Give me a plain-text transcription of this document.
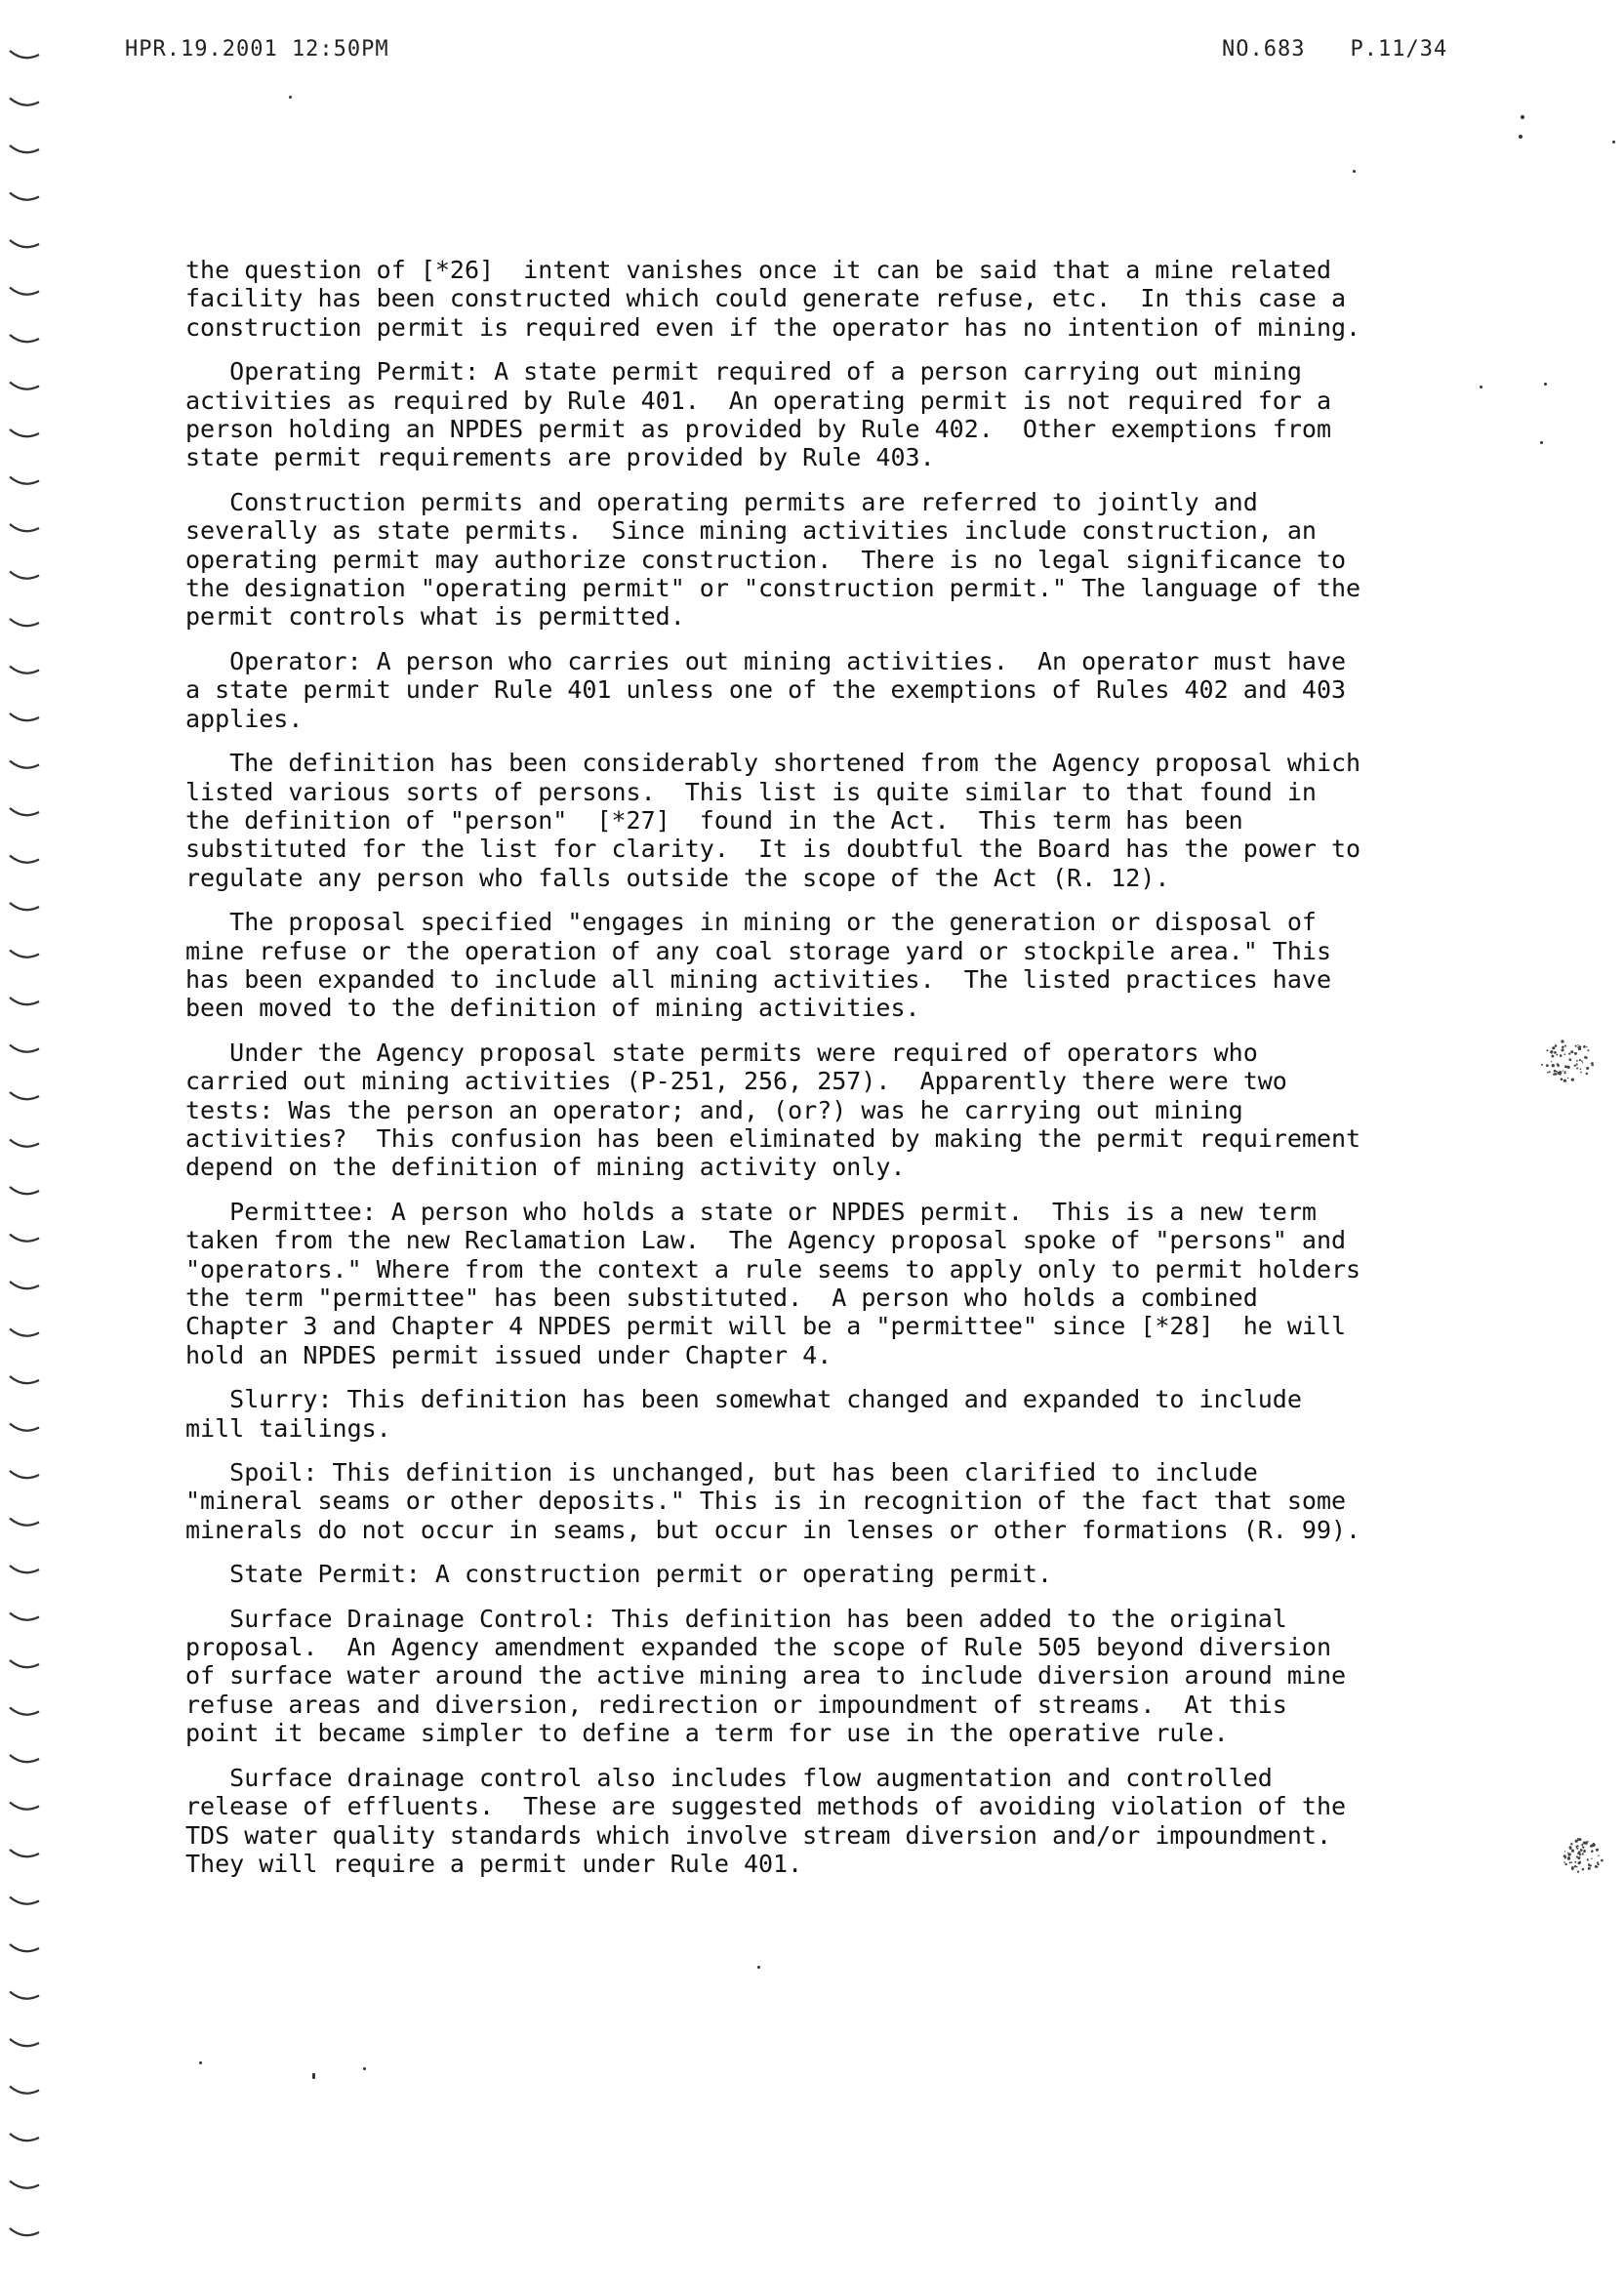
HPR.19.2001 12:50PM	NO.683 P.11/34
the question of [*26]  intent vanishes once it can be said that a mine related
facility has been constructed which could generate refuse, etc.  In this case a
construction permit is required even if the operator has no intention of mining.
Operating Permit: A state permit required of a person carrying out mining
activities as required by Rule 401.  An operating permit is not required for a
person holding an NPDES permit as provided by Rule 402.  Other exemptions from
state permit requirements are provided by Rule 403.
Construction permits and operating permits are referred to jointly and
severally as state permits.  Since mining activities include construction, an
operating permit may authorize construction.  There is no legal significance to
the designation "operating permit" or "construction permit." The language of the
permit controls what is permitted.
Operator: A person who carries out mining activities.  An operator must have
a state permit under Rule 401 unless one of the exemptions of Rules 402 and 403
applies.
The definition has been considerably shortened from the Agency proposal which
listed various sorts of persons.  This list is quite similar to that found in
the definition of "person"  [*27]  found in the Act.  This term has been
substituted for the list for clarity.  It is doubtful the Board has the power to
regulate any person who falls outside the scope of the Act (R. 12).
The proposal specified "engages in mining or the generation or disposal of
mine refuse or the operation of any coal storage yard or stockpile area." This
has been expanded to include all mining activities.  The listed practices have
been moved to the definition of mining activities.
Under the Agency proposal state permits were required of operators who
carried out mining activities (P-251, 256, 257).  Apparently there were two
tests: Was the person an operator; and, (or?) was he carrying out mining
activities?  This confusion has been eliminated by making the permit requirement
depend on the definition of mining activity only.
Permittee: A person who holds a state or NPDES permit.  This is a new term
taken from the new Reclamation Law.  The Agency proposal spoke of "persons" and
"operators." Where from the context a rule seems to apply only to permit holders
the term "permittee" has been substituted.  A person who holds a combined
Chapter 3 and Chapter 4 NPDES permit will be a "permittee" since [*28]  he will
hold an NPDES permit issued under Chapter 4.
Slurry: This definition has been somewhat changed and expanded to include
mill tailings.
Spoil: This definition is unchanged, but has been clarified to include
"mineral seams or other deposits." This is in recognition of the fact that some
minerals do not occur in seams, but occur in lenses or other formations (R. 99).
State Permit: A construction permit or operating permit.
Surface Drainage Control: This definition has been added to the original
proposal.  An Agency amendment expanded the scope of Rule 505 beyond diversion
of surface water around the active mining area to include diversion around mine
refuse areas and diversion, redirection or impoundment of streams.  At this
point it became simpler to define a term for use in the operative rule.
Surface drainage control also includes flow augmentation and controlled
release of effluents.  These are suggested methods of avoiding violation of the
TDS water quality standards which involve stream diversion and/or impoundment.
They will require a permit under Rule 401.
